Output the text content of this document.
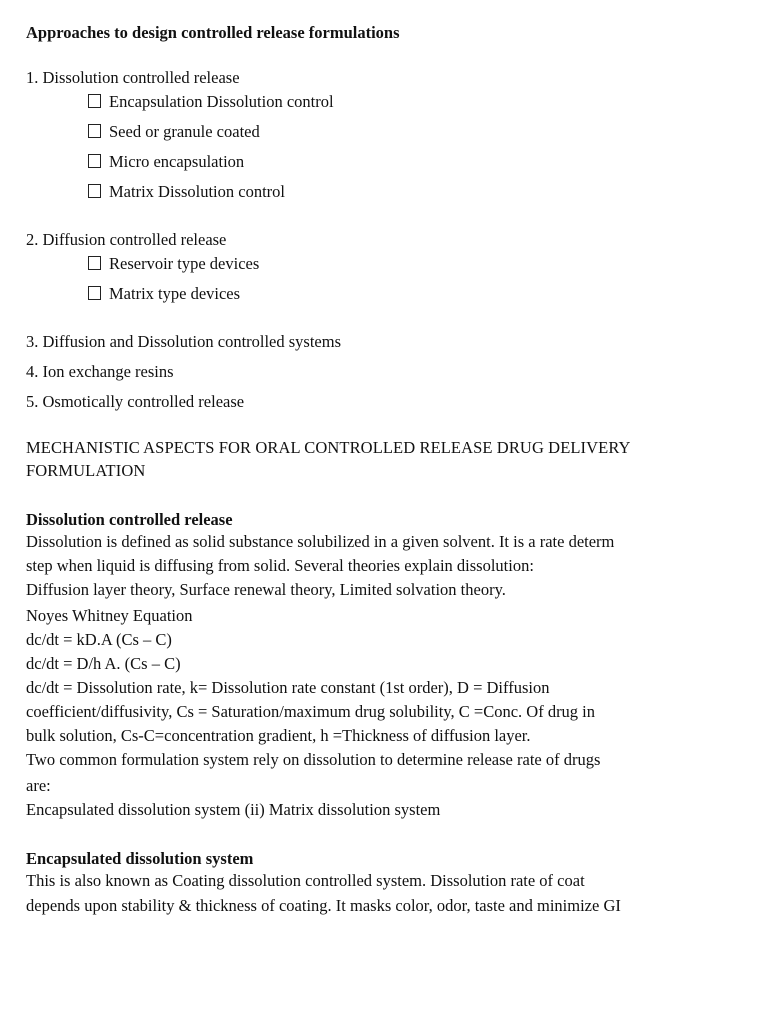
Approaches to design controlled release formulations
1. Dissolution controlled release
Encapsulation Dissolution control
Seed or granule coated
Micro encapsulation
Matrix Dissolution control
2. Diffusion controlled release
Reservoir type devices
Matrix type devices
3. Diffusion and Dissolution controlled systems
4. Ion exchange resins
5. Osmotically controlled release
MECHANISTIC ASPECTS FOR ORAL CONTROLLED RELEASE DRUG DELIVERY
FORMULATION
Dissolution controlled release
Dissolution is defined as solid substance solubilized in a given solvent. It is a rate determ
step when liquid is diffusing from solid. Several theories explain dissolution:
Diffusion layer theory, Surface renewal theory, Limited solvation theory.
Noyes Whitney Equation
dc/dt = kD.A (Cs – C)
dc/dt = D/h A. (Cs – C)
dc/dt = Dissolution rate, k= Dissolution rate constant (1st order), D = Diffusion
coefficient/diffusivity, Cs = Saturation/maximum drug solubility, C =Conc. Of drug in
bulk solution, Cs-C=concentration gradient, h =Thickness of diffusion layer.
Two common formulation system rely on dissolution to determine release rate of drugs
are:
Encapsulated dissolution system (ii) Matrix dissolution system
Encapsulated dissolution system
This is also known as Coating dissolution controlled system. Dissolution rate of coat
depends upon stability & thickness of coating. It masks color, odor, taste and minimize GI
